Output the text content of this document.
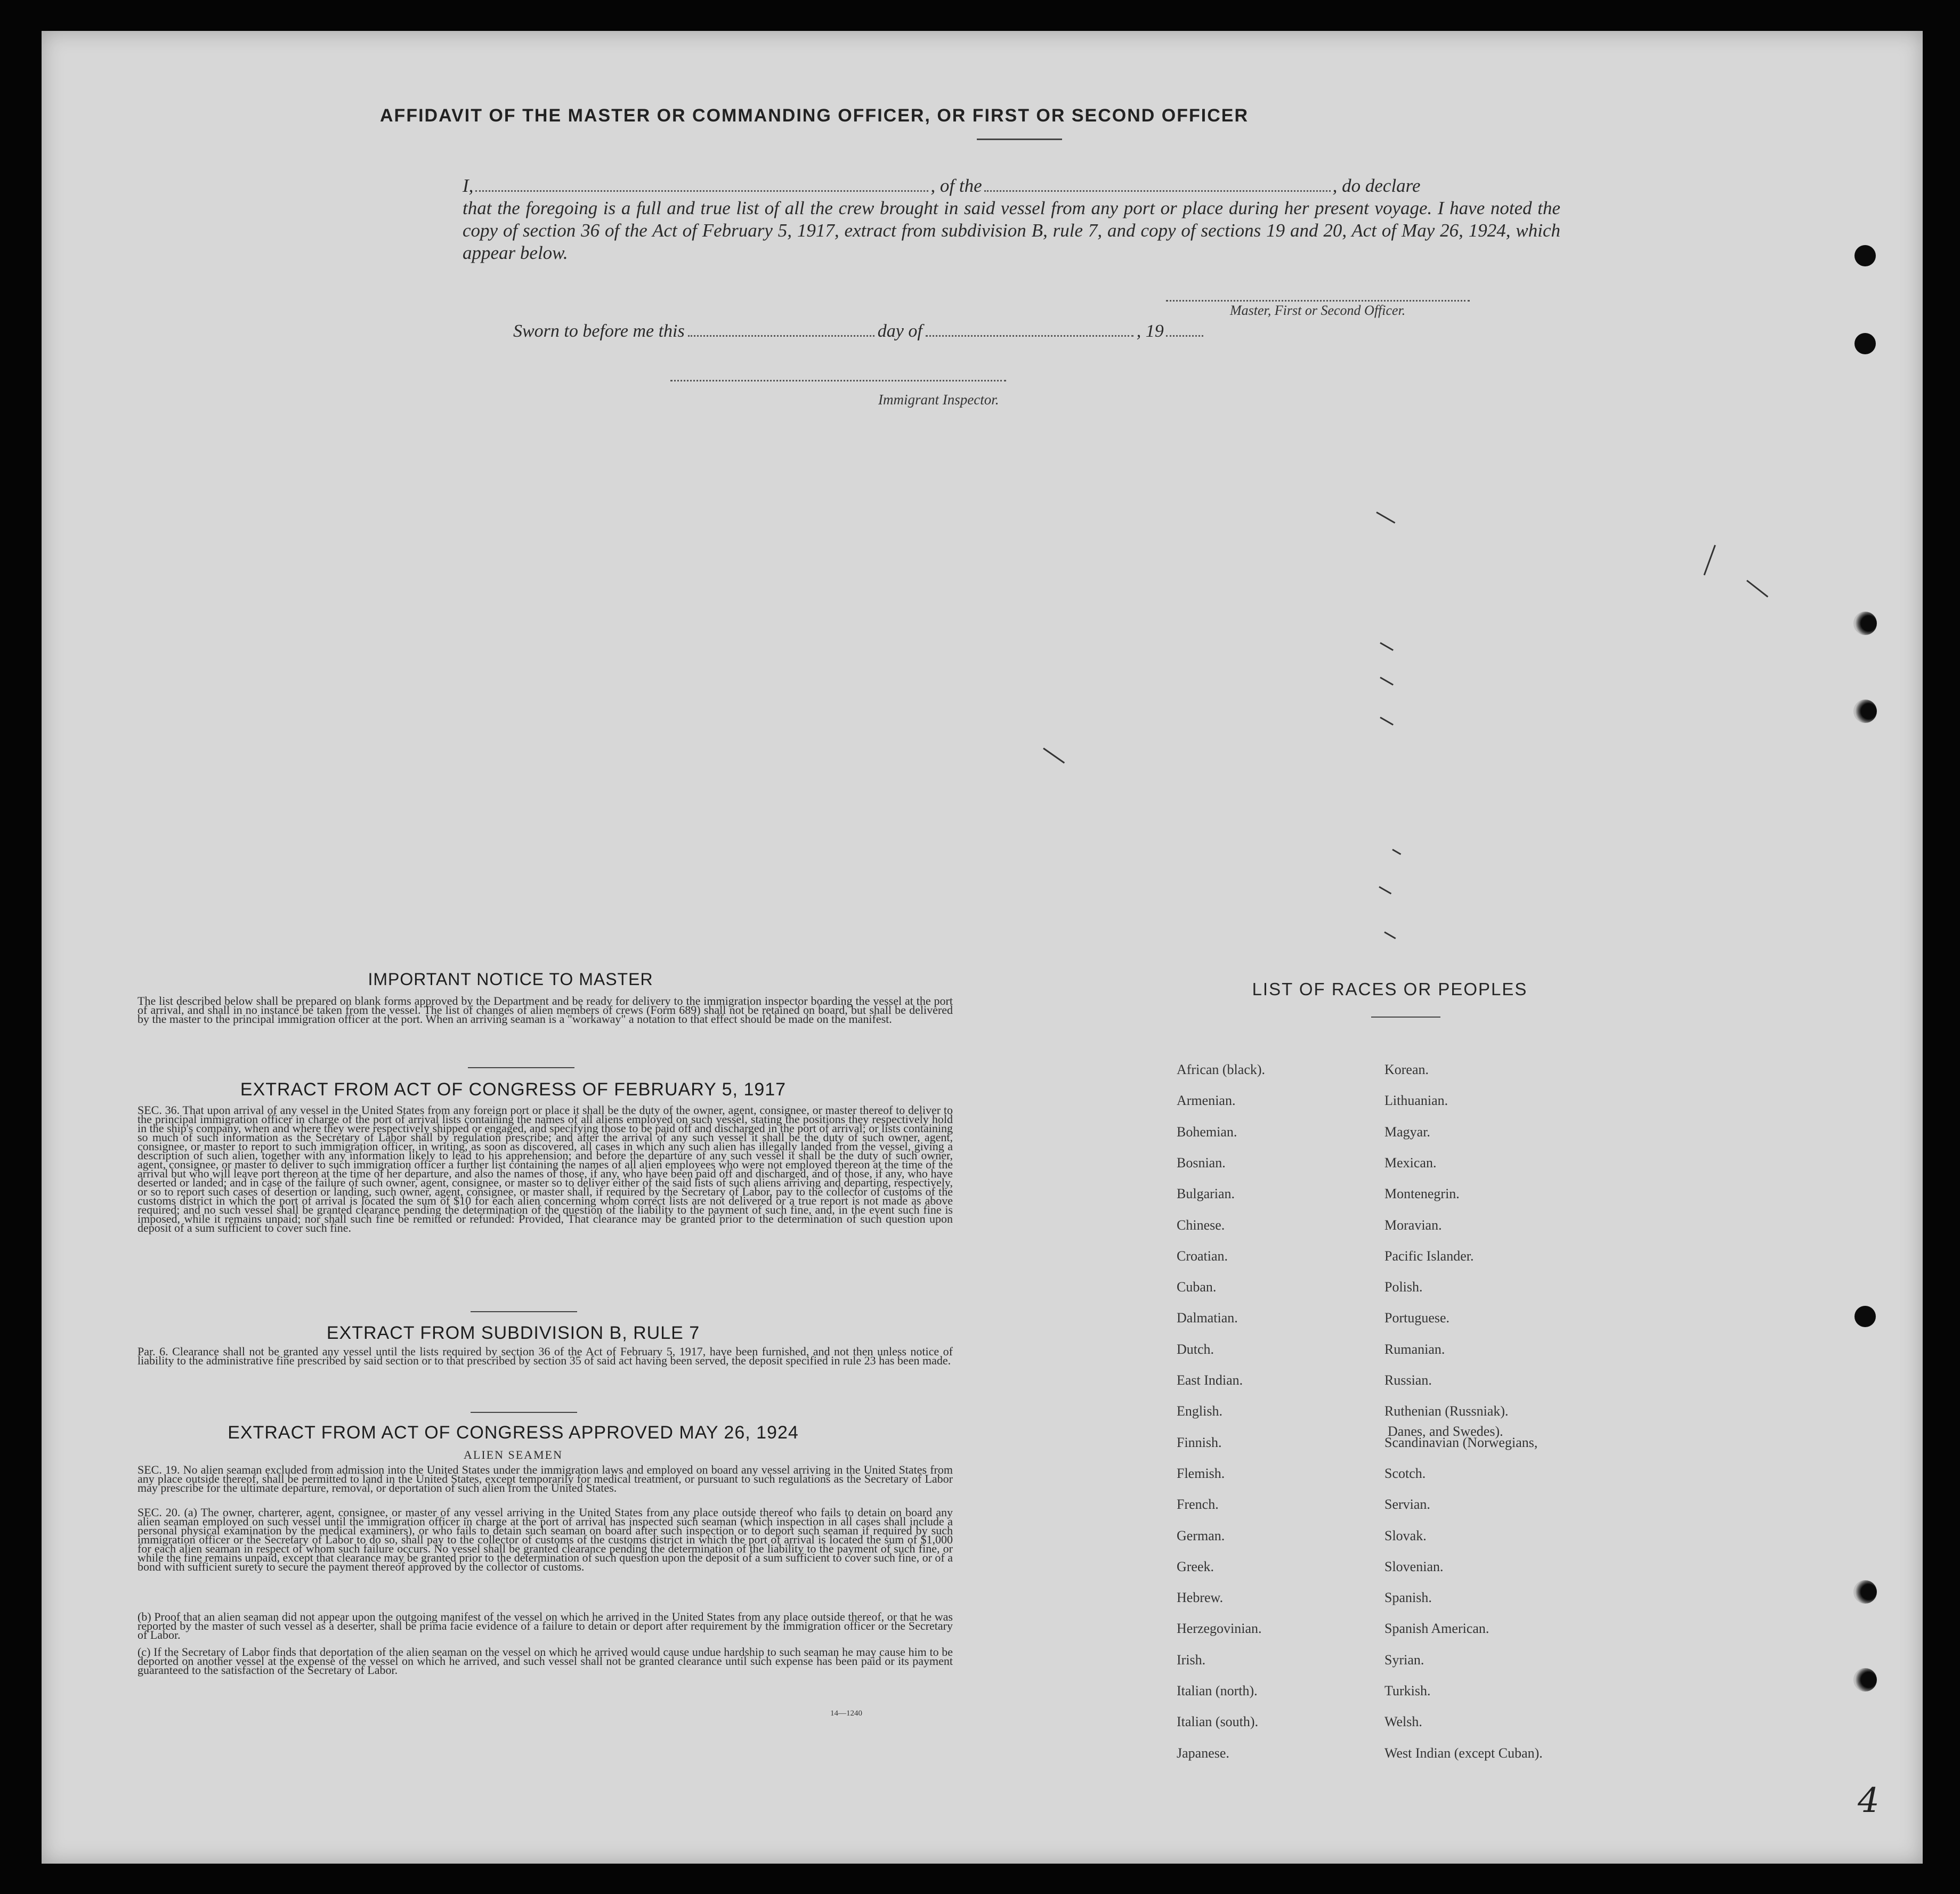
AFFIDAVIT OF THE MASTER OR COMMANDING OFFICER, OR FIRST OR SECOND OFFICER
I,	, of the	, do declare
that the foregoing is a full and true list of all the crew brought in said vessel from any port or place during her present voyage. I have noted the copy of section 36 of the Act of February 5, 1917, extract from subdivision B, rule 7, and copy of sections 19 and 20, Act of May 26, 1924, which appear below.
Master, First or Second Officer.
Sworn to before me this	day of	, 19
Immigrant Inspector.
IMPORTANT NOTICE TO MASTER
The list described below shall be prepared on blank forms approved by the Department and be ready for delivery to the immigration inspector boarding the vessel at the port of arrival, and shall in no instance be taken from the vessel. The list of changes of alien members of crews (Form 689) shall not be retained on board, but shall be delivered by the master to the principal immigration officer at the port. When an arriving seaman is a "workaway" a notation to that effect should be made on the manifest.
EXTRACT FROM ACT OF CONGRESS OF FEBRUARY 5, 1917
SEC. 36. That upon arrival of any vessel in the United States from any foreign port or place it shall be the duty of the owner, agent, consignee, or master thereof to deliver to the principal immigration officer in charge of the port of arrival lists containing the names of all aliens employed on such vessel, stating the positions they respectively hold in the ship's company, when and where they were respectively shipped or engaged, and specifying those to be paid off and discharged in the port of arrival; or lists containing so much of such information as the Secretary of Labor shall by regulation prescribe; and after the arrival of any such vessel it shall be the duty of such owner, agent, consignee, or master to report to such immigration officer, in writing, as soon as discovered, all cases in which any such alien has illegally landed from the vessel, giving a description of such alien, together with any information likely to lead to his apprehension; and before the departure of any such vessel it shall be the duty of such owner, agent, consignee, or master to deliver to such immigration officer a further list containing the names of all alien employees who were not employed thereon at the time of the arrival but who will leave port thereon at the time of her departure, and also the names of those, if any, who have been paid off and discharged, and of those, if any, who have deserted or landed; and in case of the failure of such owner, agent, consignee, or master so to deliver either of the said lists of such aliens arriving and departing, respectively, or so to report such cases of desertion or landing, such owner, agent, consignee, or master shall, if required by the Secretary of Labor, pay to the collector of customs of the customs district in which the port of arrival is located the sum of $10 for each alien concerning whom correct lists are not delivered or a true report is not made as above required; and no such vessel shall be granted clearance pending the determination of the question of the liability to the payment of such fine, and, in the event such fine is imposed, while it remains unpaid; nor shall such fine be remitted or refunded: Provided, That clearance may be granted prior to the determination of such question upon deposit of a sum sufficient to cover such fine.
EXTRACT FROM SUBDIVISION B, RULE 7
Par. 6. Clearance shall not be granted any vessel until the lists required by section 36 of the Act of February 5, 1917, have been furnished, and not then unless notice of liability to the administrative fine prescribed by said section or to that prescribed by section 35 of said act having been served, the deposit specified in rule 23 has been made.
EXTRACT FROM ACT OF CONGRESS APPROVED MAY 26, 1924
ALIEN SEAMEN
SEC. 19. No alien seaman excluded from admission into the United States under the immigration laws and employed on board any vessel arriving in the United States from any place outside thereof, shall be permitted to land in the United States, except temporarily for medical treatment, or pursuant to such regulations as the Secretary of Labor may prescribe for the ultimate departure, removal, or deportation of such alien from the United States.
SEC. 20. (a) The owner, charterer, agent, consignee, or master of any vessel arriving in the United States from any place outside thereof who fails to detain on board any alien seaman employed on such vessel until the immigration officer in charge at the port of arrival has inspected such seaman (which inspection in all cases shall include a personal physical examination by the medical examiners), or who fails to detain such seaman on board after such inspection or to deport such seaman if required by such immigration officer or the Secretary of Labor to do so, shall pay to the collector of customs of the customs district in which the port of arrival is located the sum of $1,000 for each alien seaman in respect of whom such failure occurs. No vessel shall be granted clearance pending the determination of the liability to the payment of such fine, or while the fine remains unpaid, except that clearance may be granted prior to the determination of such question upon the deposit of a sum sufficient to cover such fine, or of a bond with sufficient surety to secure the payment thereof approved by the collector of customs.
(b) Proof that an alien seaman did not appear upon the outgoing manifest of the vessel on which he arrived in the United States from any place outside thereof, or that he was reported by the master of such vessel as a deserter, shall be prima facie evidence of a failure to detain or deport after requirement by the immigration officer or the Secretary of Labor.
(c) If the Secretary of Labor finds that deportation of the alien seaman on the vessel on which he arrived would cause undue hardship to such seaman he may cause him to be deported on another vessel at the expense of the vessel on which he arrived, and such vessel shall not be granted clearance until such expense has been paid or its payment guaranteed to the satisfaction of the Secretary of Labor.
14—1240
LIST OF RACES OR PEOPLES
African (black).
Armenian.
Bohemian.
Bosnian.
Bulgarian.
Chinese.
Croatian.
Cuban.
Dalmatian.
Dutch.
East Indian.
English.
Finnish.
Flemish.
French.
German.
Greek.
Hebrew.
Herzegovinian.
Irish.
Italian (north).
Italian (south).
Japanese.
Korean.
Lithuanian.
Magyar.
Mexican.
Montenegrin.
Moravian.
Pacific Islander.
Polish.
Portuguese.
Rumanian.
Russian.
Ruthenian (Russniak).
Scandinavian (Norwegians,
Scotch.
Servian.
Slovak.
Slovenian.
Spanish.
Spanish American.
Syrian.
Turkish.
Welsh.
West Indian (except Cuban).
Danes, and Swedes).
4
